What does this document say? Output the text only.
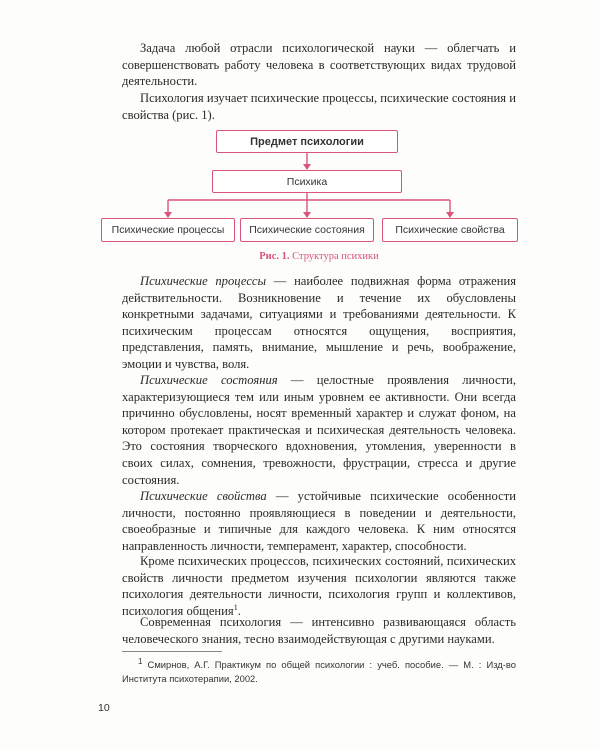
Задача любой отрасли психологической науки — облегчать и совершенствовать работу человека в соответствующих видах трудовой деятельности.

Психология изучает психические процессы, психические состояния и свойства (рис. 1).

Предмет психологии
Психика
Психические процессы	Психические состояния	Психические свойства
Рис. 1. Структура психики

Психические процессы — наиболее подвижная форма отражения действительности. Возникновение и течение их обусловлены конкретными задачами, ситуациями и требованиями деятельности. К психическим процессам относятся ощущения, восприятия, представления, память, внимание, мышление и речь, воображение, эмоции и чувства, воля.

Психические состояния — целостные проявления личности, характеризующиеся тем или иным уровнем ее активности. Они всегда причинно обусловлены, носят временный характер и служат фоном, на котором протекает практическая и психическая деятельность человека. Это состояния творческого вдохновения, утомления, уверенности в своих силах, сомнения, тревожности, фрустрации, стресса и другие состояния.

Психические свойства — устойчивые психические особенности личности, постоянно проявляющиеся в поведении и деятельности, своеобразные и типичные для каждого человека. К ним относятся направленность личности, темперамент, характер, способности.

Кроме психических процессов, психических состояний, психических свойств личности предметом изучения психологии являются также психология деятельности личности, психология групп и коллективов, психология общения$^1$.

Современная психология — интенсивно развивающаяся область человеческого знания, тесно взаимодействующая с другими науками.

$^1$ Смирнов, А.Г. Практикум по общей психологии : учеб. пособие. — М. : Изд-во Института психотерапии, 2002.

10
